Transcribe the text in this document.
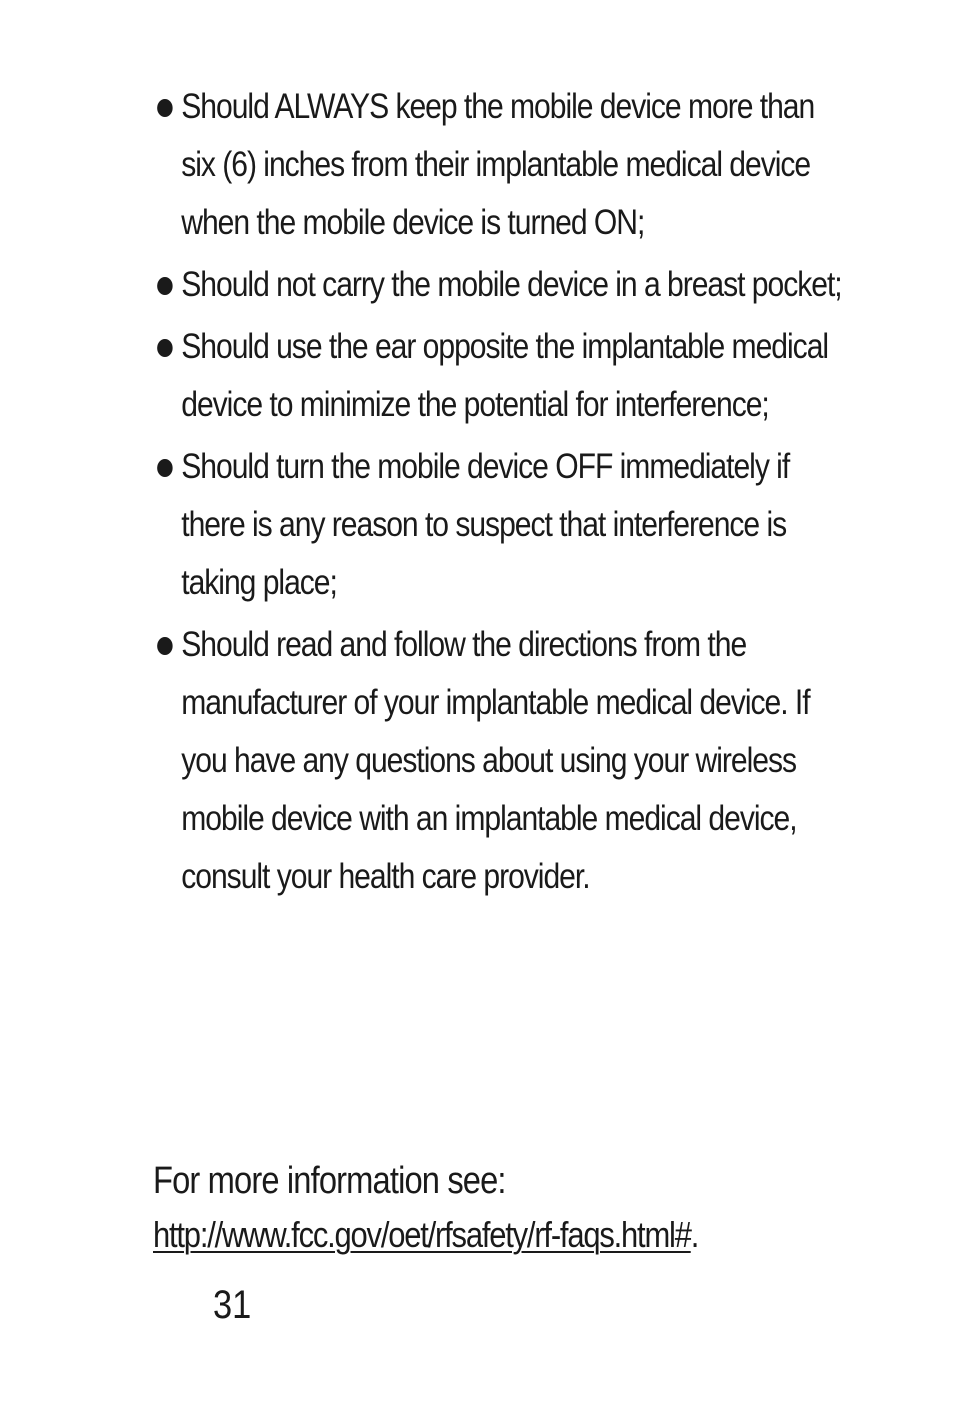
Should ALWAYS keep the mobile device more than six (6) inches from their implantable medical device when the mobile device is turned ON;
Should not carry the mobile device in a breast pocket;
Should use the ear opposite the implantable medical device to minimize the potential for interference;
Should turn the mobile device OFF immediately if there is any reason to suspect that interference is taking place;
Should read and follow the directions from the manufacturer of your implantable medical device. If you have any questions about using your wireless mobile device with an implantable medical device, consult your health care provider.
For more information see:
http://www.fcc.gov/oet/rfsafety/rf-faqs.html#.
31
